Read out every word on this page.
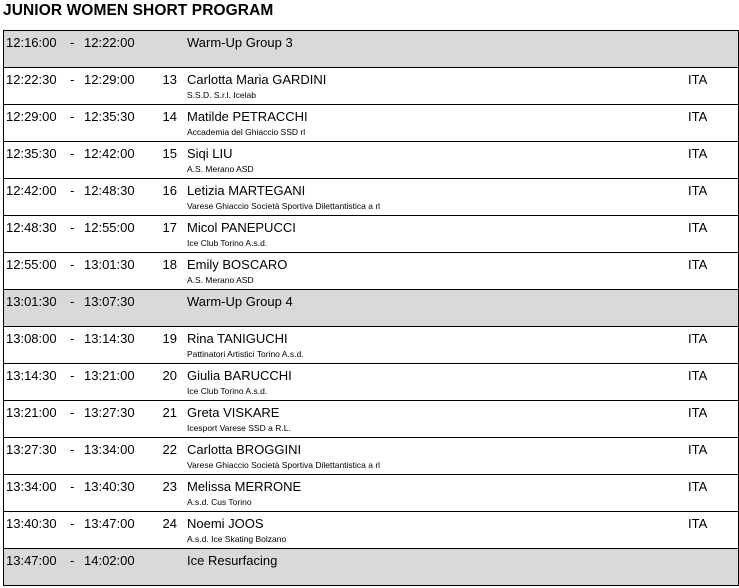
JUNIOR WOMEN SHORT PROGRAM
12:16:00 - 12:22:00	Warm-Up Group 3
12:22:30 - 12:29:00	13 Carlotta Maria GARDINI	ITA
S.S.D. S.r.l. Icelab
12:29:00 - 12:35:30	14 Matilde PETRACCHI	ITA
Accademia del Ghiaccio SSD rl
12:35:30 - 12:42:00	15 Siqi LIU	ITA
A.S. Merano ASD
12:42:00 - 12:48:30	16 Letizia MARTEGANI	ITA
Varese Ghiaccio Società Sportiva Dilettantistica a rl
12:48:30 - 12:55:00	17 Micol PANEPUCCI	ITA
Ice Club Torino A.s.d.
12:55:00 - 13:01:30	18 Emily BOSCARO	ITA
A.S. Merano ASD
13:01:30 - 13:07:30	Warm-Up Group 4
13:08:00 - 13:14:30	19 Rina TANIGUCHI	ITA
Pattinatori Artistici Torino A.s.d.
13:14:30 - 13:21:00	20 Giulia BARUCCHI	ITA
Ice Club Torino A.s.d.
13:21:00 - 13:27:30	21 Greta VISKARE	ITA
Icesport Varese SSD a R.L.
13:27:30 - 13:34:00	22 Carlotta BROGGINI	ITA
Varese Ghiaccio Società Sportiva Dilettantistica a rl
13:34:00 - 13:40:30	23 Melissa MERRONE	ITA
A.s.d. Cus Torino
13:40:30 - 13:47:00	24 Noemi JOOS	ITA
A.s.d. Ice Skating Bolzano
13:47:00 - 14:02:00	Ice Resurfacing
